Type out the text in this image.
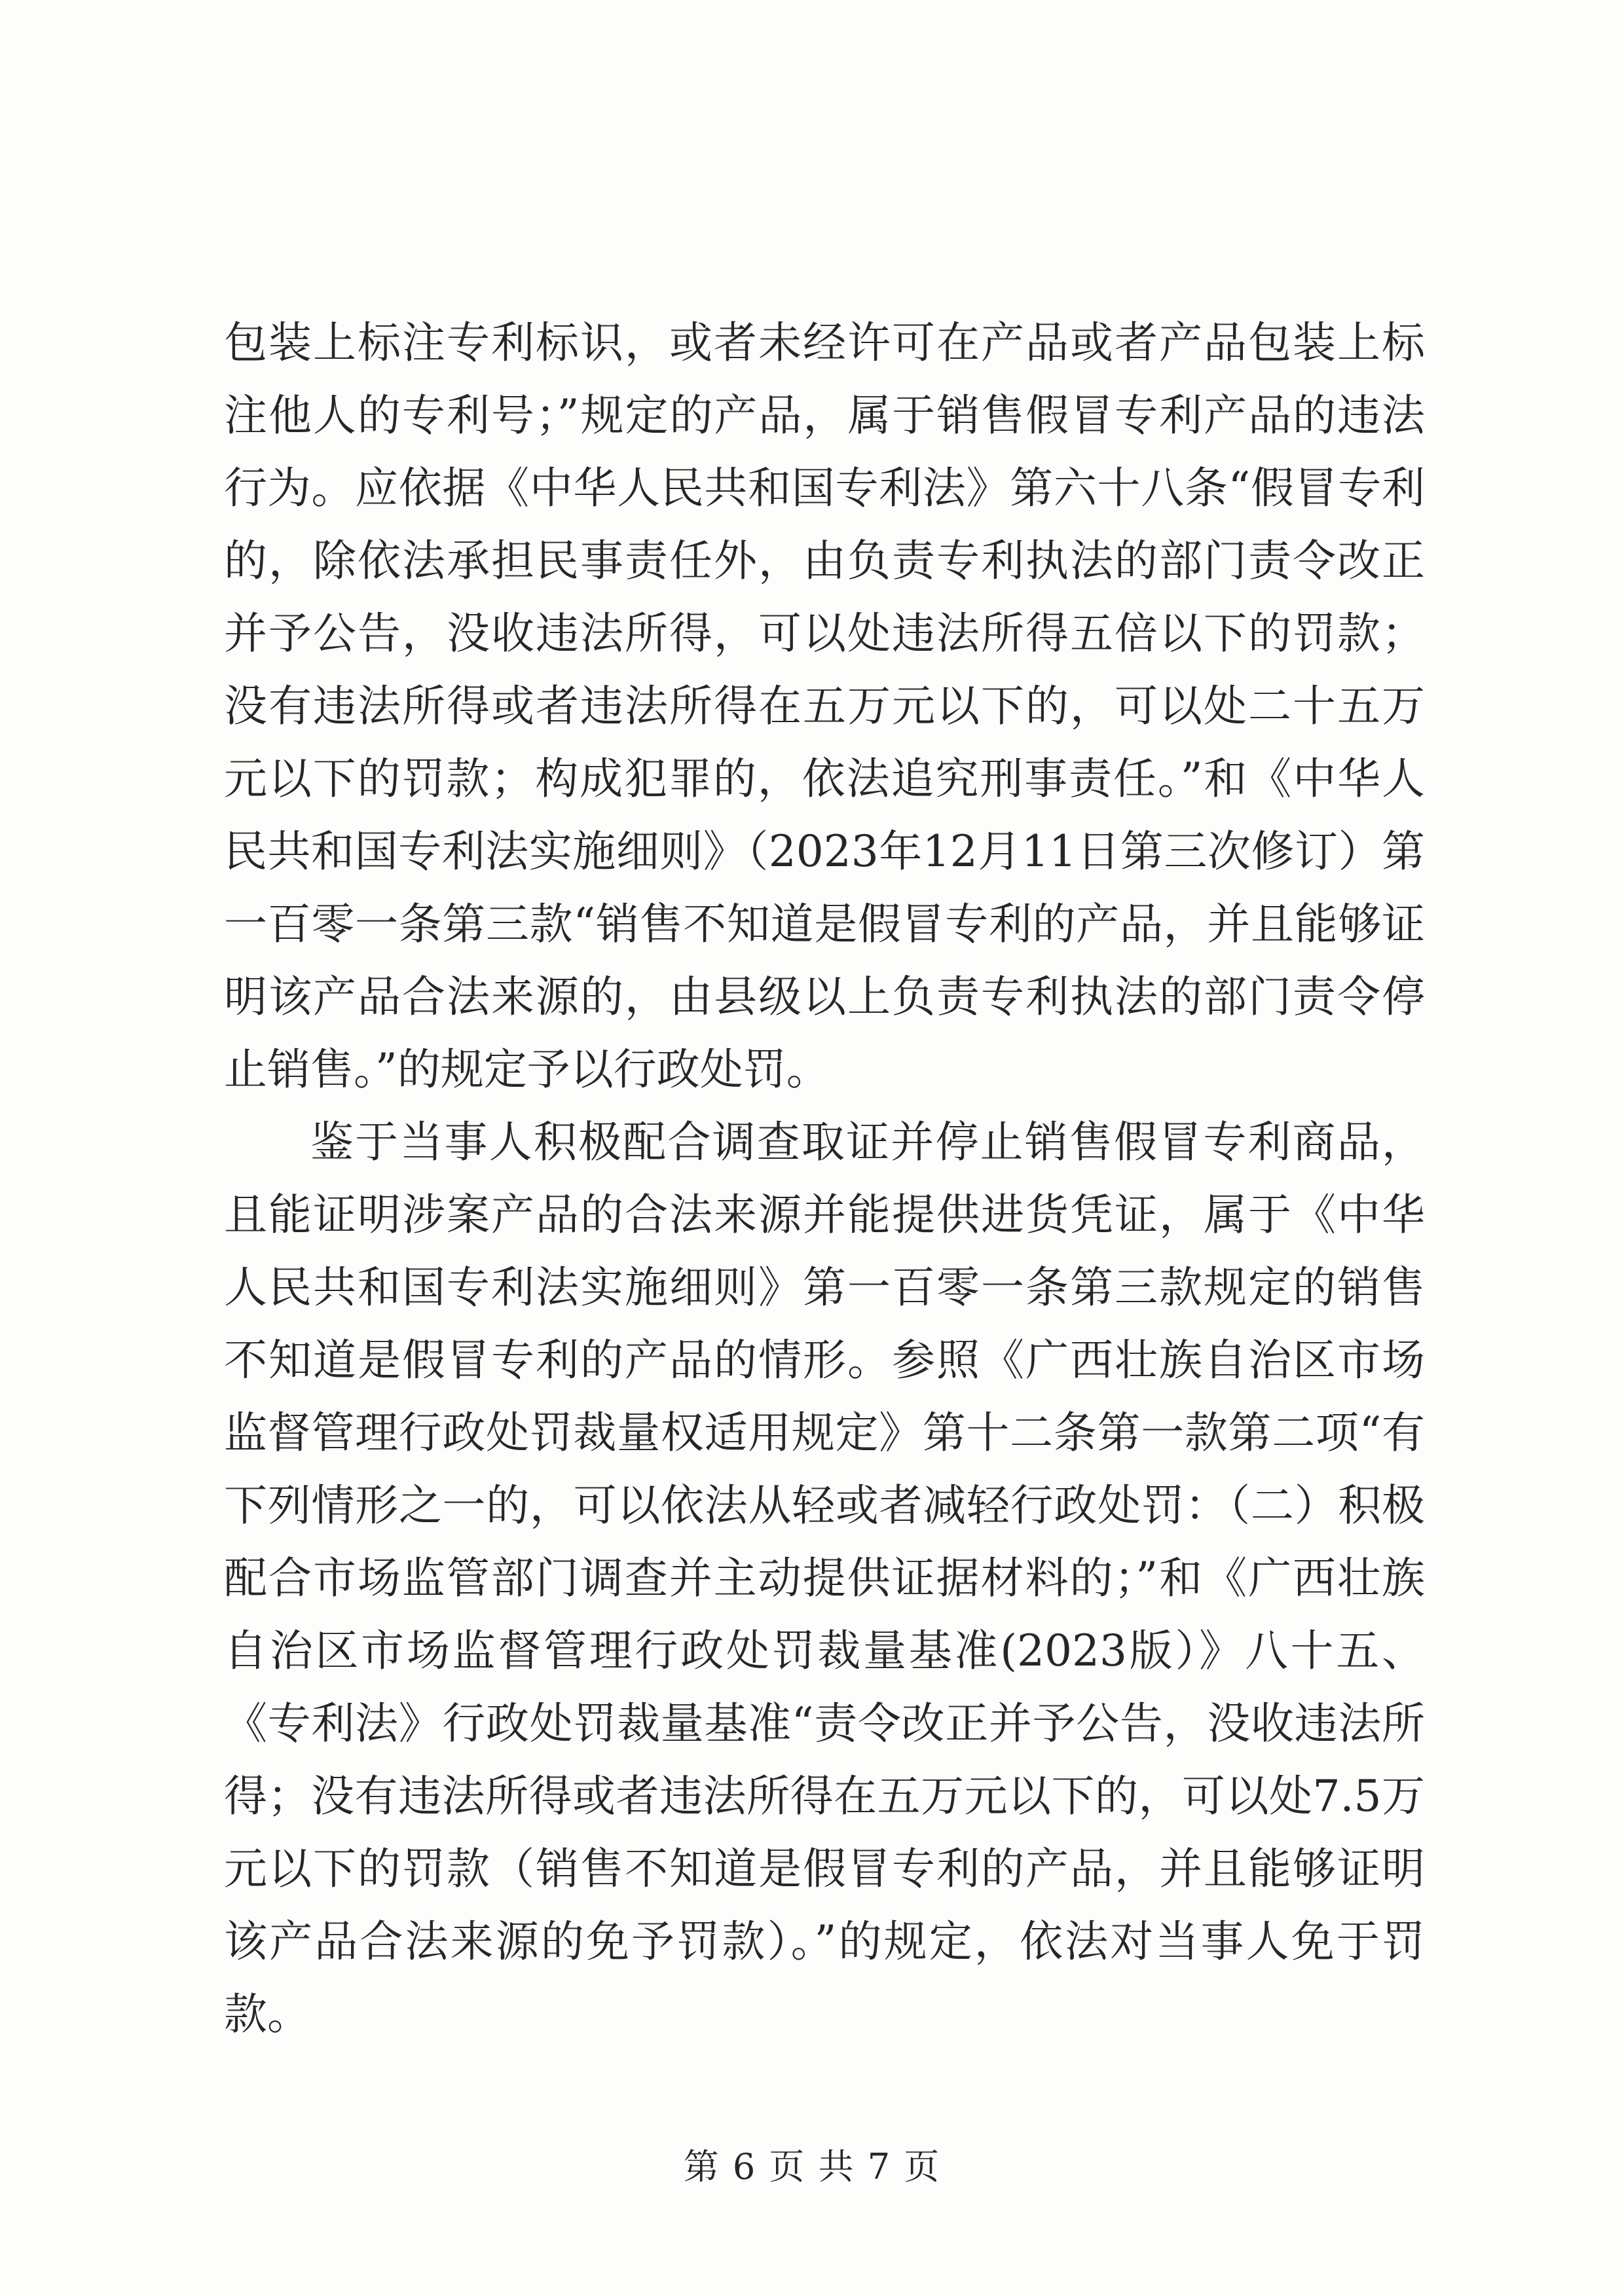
包装上标注专利标识，或者未经许可在产品或者产品包装上标注他人的专利号；”规定的产品，属于销售假冒专利产品的违法行为。应依据《中华人民共和国专利法》第六十八条“假冒专利的，除依法承担民事责任外，由负责专利执法的部门责令改正并予公告，没收违法所得，可以处违法所得五倍以下的罚款；没有违法所得或者违法所得在五万元以下的，可以处二十五万元以下的罚款；构成犯罪的，依法追究刑事责任。”和《中华人民共和国专利法实施细则》（2023年12月11日第三次修订）第一百零一条第三款“销售不知道是假冒专利的产品，并且能够证明该产品合法来源的，由县级以上负责专利执法的部门责令停止销售。”的规定予以行政处罚。

鉴于当事人积极配合调查取证并停止销售假冒专利商品，且能证明涉案产品的合法来源并能提供进货凭证，属于《中华人民共和国专利法实施细则》第一百零一条第三款规定的销售不知道是假冒专利的产品的情形。参照《广西壮族自治区市场监督管理行政处罚裁量权适用规定》第十二条第一款第二项“有下列情形之一的，可以依法从轻或者减轻行政处罚：（二）积极配合市场监管部门调查并主动提供证据材料的；”和《广西壮族自治区市场监督管理行政处罚裁量基准(2023版）》八十五、《专利法》行政处罚裁量基准“责令改正并予公告，没收违法所得；没有违法所得或者违法所得在五万元以下的，可以处7.5万元以下的罚款（销售不知道是假冒专利的产品，并且能够证明该产品合法来源的免予罚款）。”的规定，依法对当事人免于罚款。

第 6 页 共 7 页
